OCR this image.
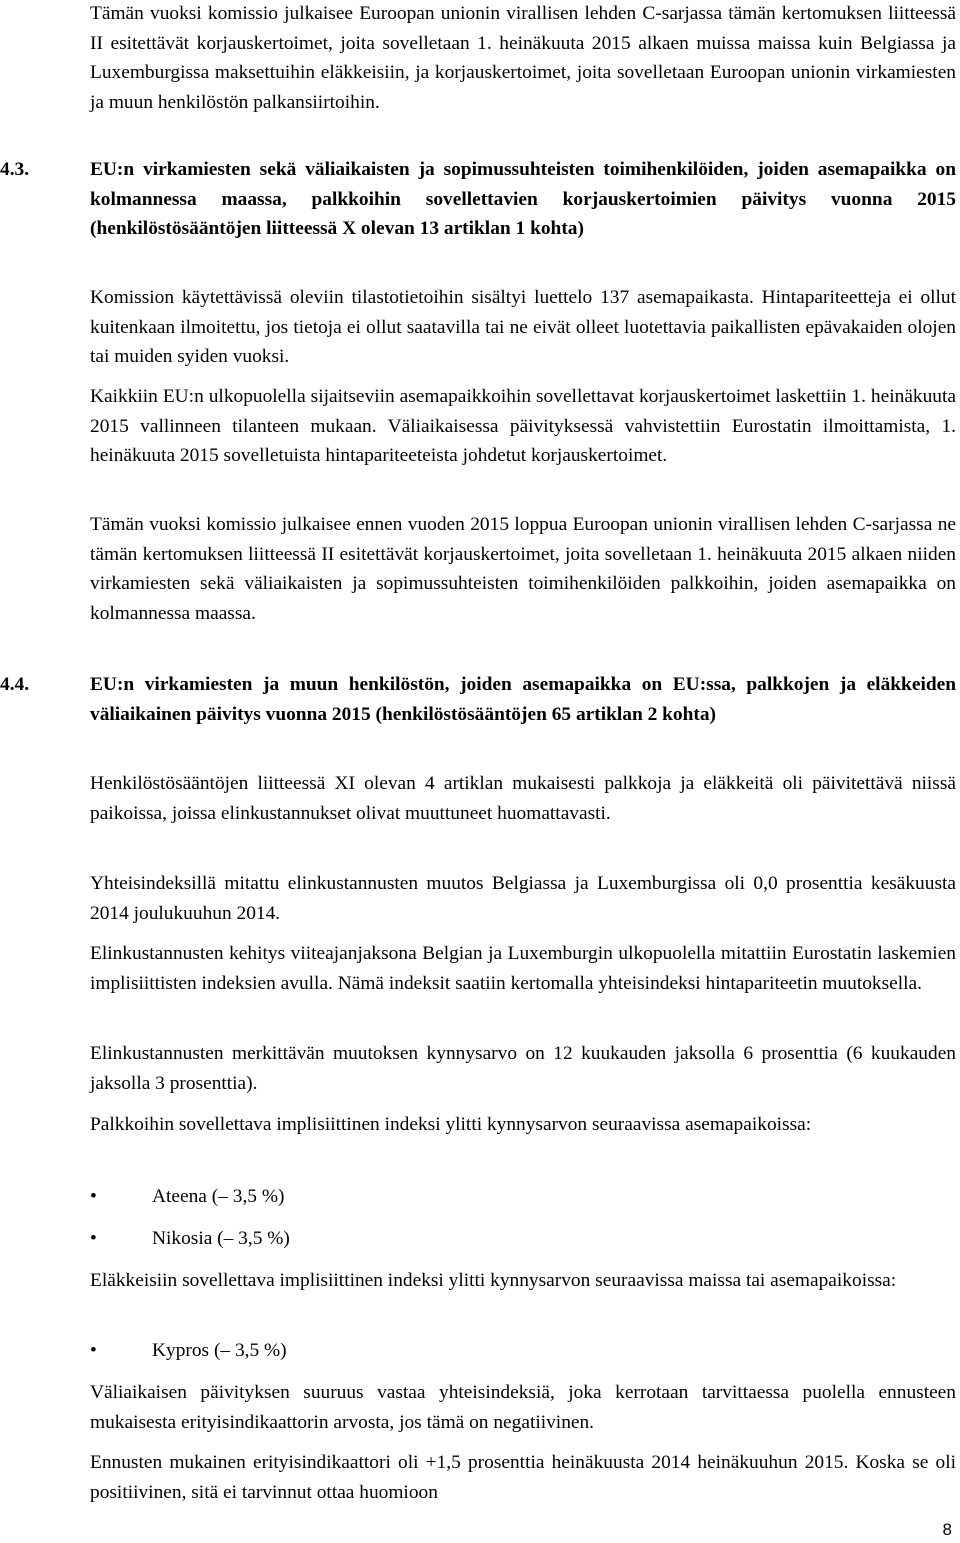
Tämän vuoksi komissio julkaisee Euroopan unionin virallisen lehden C-sarjassa tämän kertomuksen liitteessä II esitettävät korjauskertoimet, joita sovelletaan 1. heinäkuuta 2015 alkaen muissa maissa kuin Belgiassa ja Luxemburgissa maksettuihin eläkkeisiin, ja korjauskertoimet, joita sovelletaan Euroopan unionin virkamiesten ja muun henkilöstön palkansiirtoihin.

4.3.	EU:n virkamiesten sekä väliaikaisten ja sopimussuhteisten toimihenkilöiden, joiden asemapaikka on kolmannessa maassa, palkkoihin sovellettavien korjauskertoimien päivitys vuonna 2015 (henkilöstösääntöjen liitteessä X olevan 13 artiklan 1 kohta)

Komission käytettävissä oleviin tilastotietoihin sisältyi luettelo 137 asemapaikasta. Hintapariteetteja ei ollut kuitenkaan ilmoitettu, jos tietoja ei ollut saatavilla tai ne eivät olleet luotettavia paikallisten epävakaiden olojen tai muiden syiden vuoksi.

Kaikkiin EU:n ulkopuolella sijaitseviin asemapaikkoihin sovellettavat korjauskertoimet laskettiin 1. heinäkuuta 2015 vallinneen tilanteen mukaan. Väliaikaisessa päivityksessä vahvistettiin Eurostatin ilmoittamista, 1. heinäkuuta 2015 sovelletuista hintapariteeteista johdetut korjauskertoimet.

Tämän vuoksi komissio julkaisee ennen vuoden 2015 loppua Euroopan unionin virallisen lehden C-sarjassa ne tämän kertomuksen liitteessä II esitettävät korjauskertoimet, joita sovelletaan 1. heinäkuuta 2015 alkaen niiden virkamiesten sekä väliaikaisten ja sopimussuhteisten toimihenkilöiden palkkoihin, joiden asemapaikka on kolmannessa maassa.

4.4.	EU:n virkamiesten ja muun henkilöstön, joiden asemapaikka on EU:ssa, palkkojen ja eläkkeiden väliaikainen päivitys vuonna 2015 (henkilöstösääntöjen 65 artiklan 2 kohta)

Henkilöstösääntöjen liitteessä XI olevan 4 artiklan mukaisesti palkkoja ja eläkkeitä oli päivitettävä niissä paikoissa, joissa elinkustannukset olivat muuttuneet huomattavasti.

Yhteisindeksillä mitattu elinkustannusten muutos Belgiassa ja Luxemburgissa oli 0,0 prosenttia kesäkuusta 2014 joulukuuhun 2014.

Elinkustannusten kehitys viiteajanjaksona Belgian ja Luxemburgin ulkopuolella mitattiin Eurostatin laskemien implisiittisten indeksien avulla. Nämä indeksit saatiin kertomalla yhteisindeksi hintapariteetin muutoksella.

Elinkustannusten merkittävän muutoksen kynnysarvo on 12 kuukauden jaksolla 6 prosenttia (6 kuukauden jaksolla 3 prosenttia).

Palkkoihin sovellettava implisiittinen indeksi ylitti kynnysarvon seuraavissa asemapaikoissa:

•	Ateena (– 3,5 %)
•	Nikosia (– 3,5 %)

Eläkkeisiin sovellettava implisiittinen indeksi ylitti kynnysarvon seuraavissa maissa tai asemapaikoissa:

•	Kypros (– 3,5 %)

Väliaikaisen päivityksen suuruus vastaa yhteisindeksiä, joka kerrotaan tarvittaessa puolella ennusteen mukaisesta erityisindikaattorin arvosta, jos tämä on negatiivinen.

Ennusten mukainen erityisindikaattori oli +1,5 prosenttia heinäkuusta 2014 heinäkuuhun 2015. Koska se oli positiivinen, sitä ei tarvinnut ottaa huomioon

8
